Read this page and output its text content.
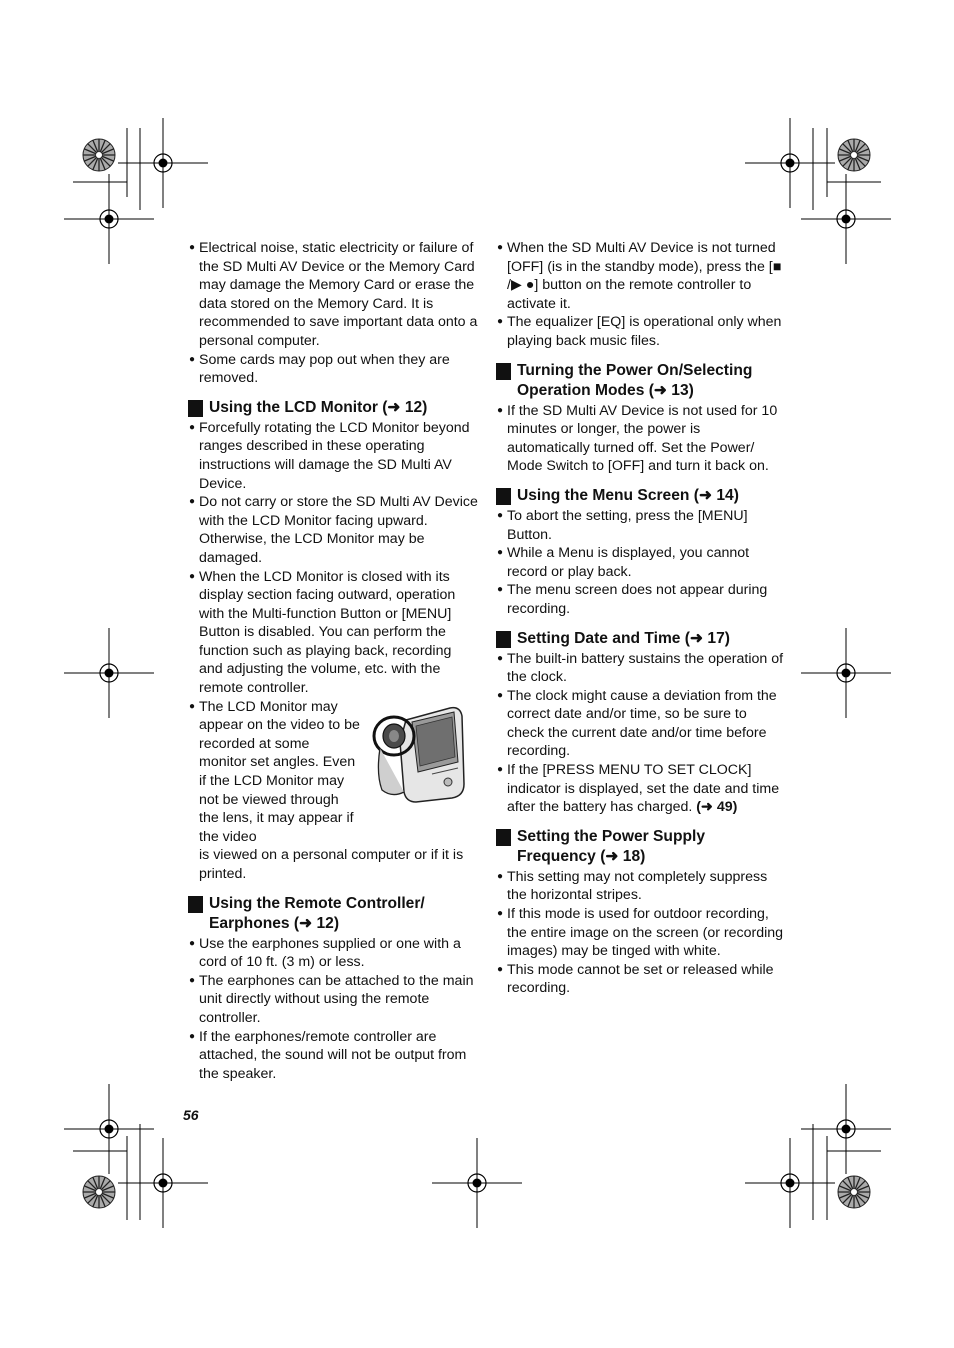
● Electrical noise, static electricity or failure of the SD Multi AV Device or the Memory Card may damage the Memory Card or erase the data stored on the Memory Card. It is recommended to save important data onto a personal computer.

● Some cards may pop out when they are removed.

Using the LCD Monitor (➜ 12)

● Forcefully rotating the LCD Monitor beyond ranges described in these operating instructions will damage the SD Multi AV Device.

● Do not carry or store the SD Multi AV Device with the LCD Monitor facing upward. Otherwise, the LCD Monitor may be damaged.

● When the LCD Monitor is closed with its display section facing outward, operation with the Multi-function Button or [MENU] Button is disabled. You can perform the function such as playing back, recording and adjusting the volume, etc. with the remote controller.

● The LCD Monitor may appear on the video to be recorded at some monitor set angles. Even if the LCD Monitor may not be viewed through the lens, it may appear if the video

is viewed on a personal computer or if it is printed.
Using the Remote Controller/
Earphones (➜ 12)

● Use the earphones supplied or one with a cord of 10 ft. (3 m) or less.

● The earphones can be attached to the main unit directly without using the remote controller.

● If the earphones/remote controller are attached, the sound will not be output from the speaker.

● When the SD Multi AV Device is not turned [OFF] (is in the standby mode), press the [■ /▶ ●] button on the remote controller to activate it.

● The equalizer [EQ] is operational only when playing back music files.

Turning the Power On/Selecting
Operation Modes (➜ 13)

● If the SD Multi AV Device is not used for 10 minutes or longer, the power is automatically turned off. Set the Power/ Mode Switch to [OFF] and turn it back on.

Using the Menu Screen (➜ 14)

● To abort the setting, press the [MENU] Button.

● While a Menu is displayed, you cannot record or play back.

● The menu screen does not appear during recording.

Setting Date and Time (➜ 17)

● The built-in battery sustains the operation of the clock.

● The clock might cause a deviation from the correct date and/or time, so be sure to check the current date and/or time before recording.

● If the [PRESS MENU TO SET CLOCK] indicator is displayed, set the date and time after the battery has charged. (➜ 49)

Setting the Power Supply
Frequency (➜ 18)

● This setting may not completely suppress the horizontal stripes.

● If this mode is used for outdoor recording, the entire image on the screen (or recording images) may be tinged with white.

● This mode cannot be set or released while recording.

56
